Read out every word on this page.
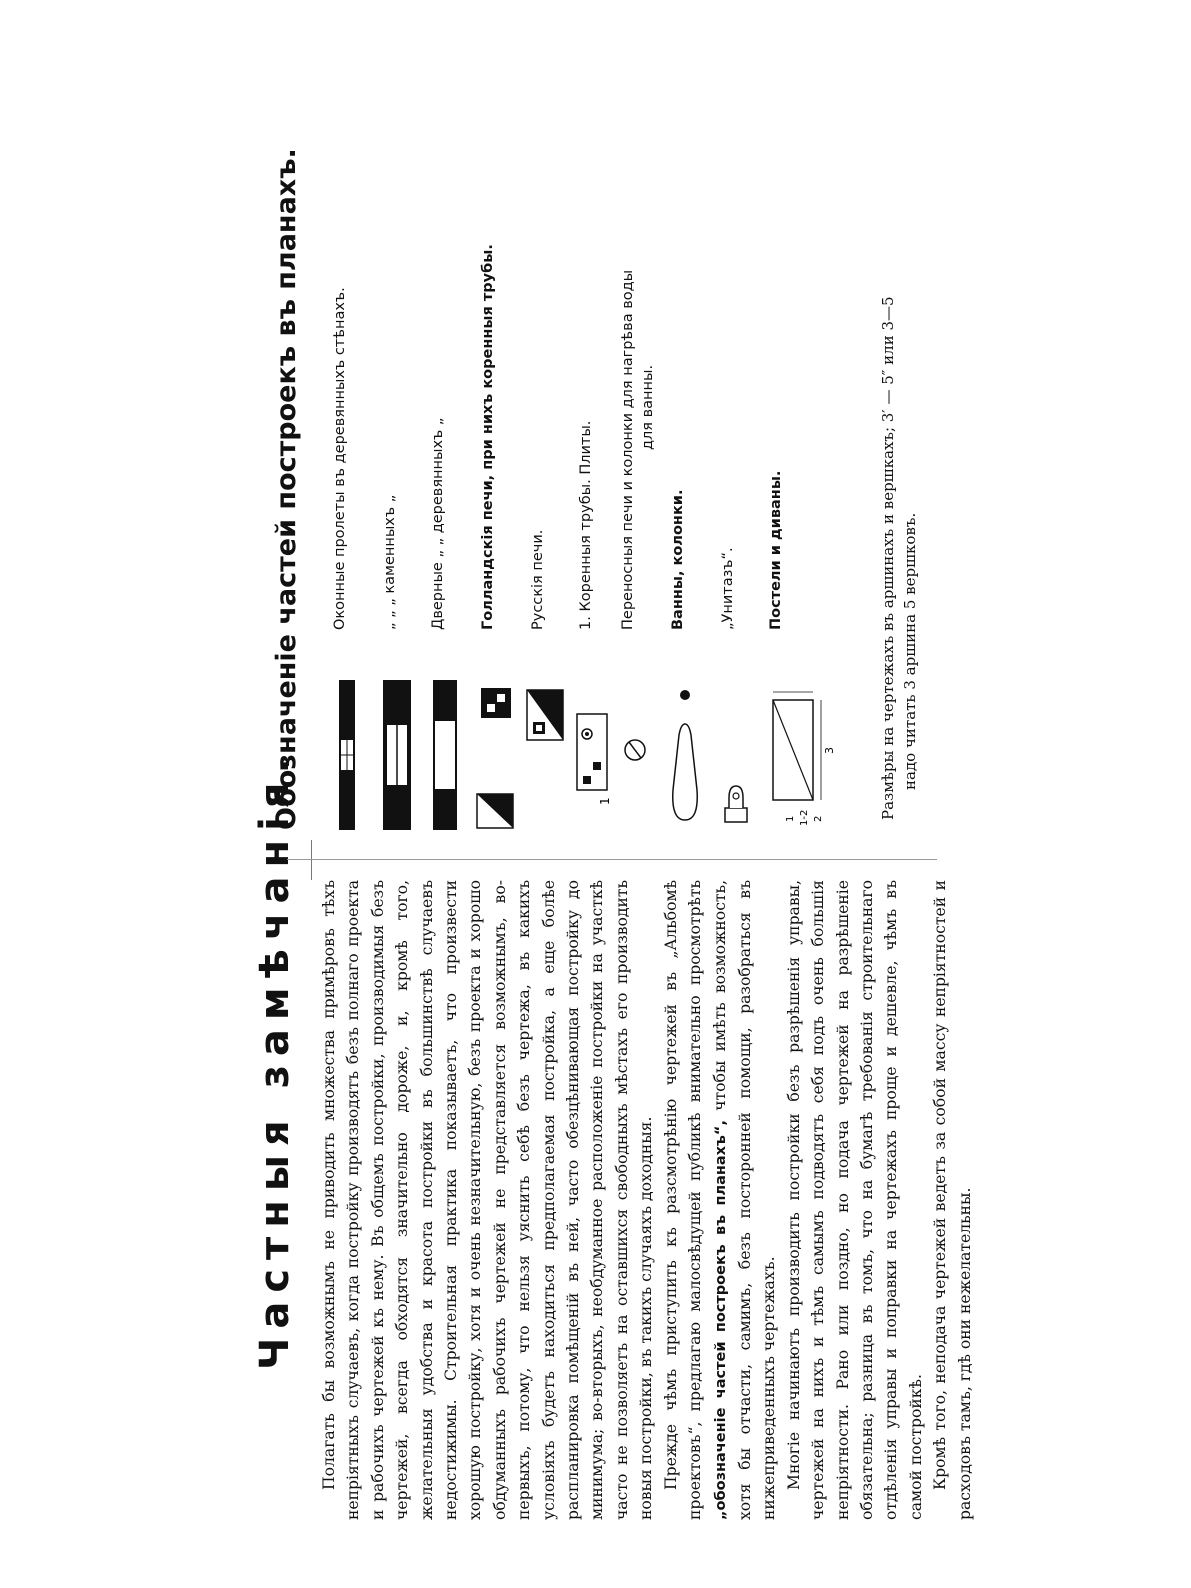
Частныя замѣчанія.	Полагать бы возможнымъ не приводить множества примѣровъ тѣхъ непріятныхъ случаевъ, когда постройку производятъ безъ полнаго проекта и рабочихъ чертежей къ нему. Въ общемъ постройки, производимыя безъ чертежей, всегда обходятся значительно дороже, и, кромѣ того, желательныя удобства и красота постройки въ большинствѣ случаевъ недостижимы. Строительная практика показываетъ, что произвести хорошую постройку, хотя и очень незначительную, безъ проекта и хорошо обдуманныхъ рабочихъ чертежей не представляется возможнымъ, во-первыхъ, потому, что нельзя уяснить себѣ безъ чертежа, въ какихъ условіяхъ будетъ находиться предполагаемая постройка, а еще болѣе распланировка помѣщеній въ ней, часто обезцѣнивающая постройку до минимума; во-вторыхъ, необдуманное расположеніе постройки на участкѣ часто не позволяетъ на оставшихся свободныхъ мѣстахъ его производить новыя постройки, въ такихъ случаяхъ доходныя. Прежде чѣмъ приступить къ разсмотрѣнію чертежей въ „Альбомѣ проектовъ“, предлагаю малосвѣдущей публикѣ внимательно просмотрѣть „обозначеніе частей построекъ въ планахъ“, чтобы имѣть возможность, хотя бы отчасти, самимъ, безъ посторонней помощи, разобраться въ нижеприведенныхъ чертежахъ. Многіе начинаютъ производить постройки безъ разрѣшенія управы, чертежей на нихъ и тѣмъ самымъ подводятъ себя подъ очень большія непріятности. Рано или поздно, но подача чертежей на разрѣшеніе обязательна; разница въ томъ, что на бумагѣ требованія строительнаго отдѣленія управы и поправки на чертежахъ проще и дешевле, чѣмъ въ самой постройкѣ. Кромѣ того, неподача чертежей ведетъ за собой массу непріятностей и расходовъ тамъ, гдѣ они нежелательны.

Обозначеніе частей построекъ въ планахъ.	Оконные пролеты въ деревянныхъ стѣнахъ. „ „ „ каменныхъ „ Дверные „ „ деревянныхъ „ Голландскія печи, при нихъ коренныя трубы. Русскія печи.
1
1. Коренныя трубы. Плиты. Переносныя печи и колонки для нагрѣва воды для ванны.
Ванны, колонки. „Унитазъ“.
1 1-2 2
3
Постели и диваны.	Размѣры на чертежахъ въ аршинахъ и вершкахъ; 3′ — 5″ или 3—5 надо читать 3 аршина 5 вершковъ.
